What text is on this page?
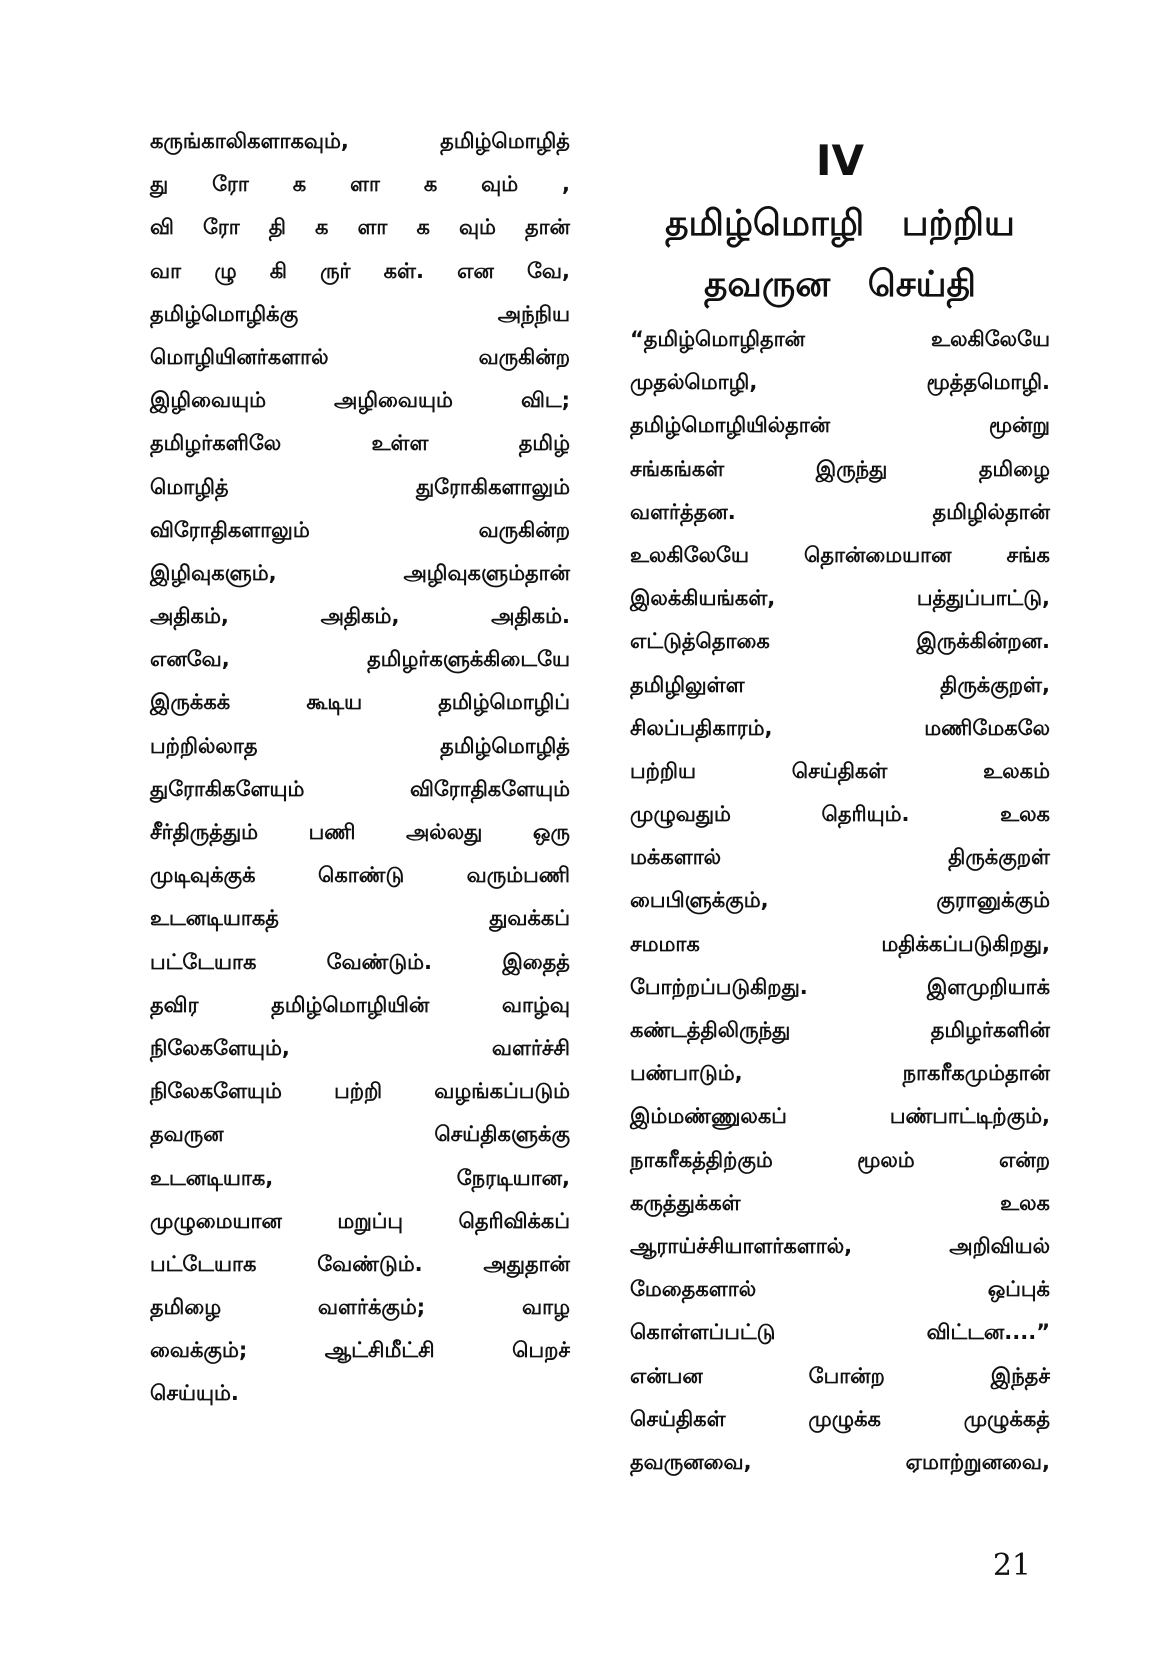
கருங்காலிகளாகவும்,	தமிழ்மொழித்
து ரோ க ளா க வும் ,
வி ரோ தி க ளா க வும் தான்
வா ழு கி ருர் கள். என வே,
தமிழ்மொழிக்கு	அந்நிய
மொழியினர்களால்	வருகின்ற
இழிவையும்	அழிவையும்	விட;
தமிழர்களிலே	உள்ள	தமிழ்
மொழித்	துரோகிகளாலும்
விரோதிகளாலும்	வருகின்ற
இழிவுகளும்,	அழிவுகளும்தான்
அதிகம்,	அதிகம்,	அதிகம்.
எனவே,	தமிழர்களுக்கிடையே
இருக்கக்	கூடிய	தமிழ்மொழிப்
பற்றில்லாத	தமிழ்மொழித்
துரோகிகளேயும்	விரோதிகளேயும்
சீர்திருத்தும் பணி அல்லது ஒரு
முடிவுக்குக்	கொண்டு	வரும்பணி
உடனடியாகத்	துவக்கப்
பட்டேயாக	வேண்டும்.	இதைத்
தவிர	தமிழ்மொழியின்	வாழ்வு
நிலேகளேயும்,	வளர்ச்சி
நிலேகளேயும் பற்றி வழங்கப்படும்
தவருன	செய்திகளுக்கு
உடனடியாக,	நேரடியான,
முழுமையான	மறுப்பு	தெரிவிக்கப்
பட்டேயாக	வேண்டும்.	அதுதான்
தமிழை	வளர்க்கும்;	வாழ
வைக்கும்;	ஆட்சிமீட்சி	பெறச்
செய்யும்.
IV
தமிழ்மொழி   பற்றிய
தவருன   செய்தி
“தமிழ்மொழிதான்	உலகிலேயே
முதல்மொழி,	மூத்தமொழி.
தமிழ்மொழியில்தான்	மூன்று
சங்கங்கள்	இருந்து	தமிழை
வளர்த்தன.	தமிழில்தான்
உலகிலேயே	தொன்மையான	சங்க
இலக்கியங்கள்,	பத்துப்பாட்டு,
எட்டுத்தொகை	இருக்கின்றன.
தமிழிலுள்ள	திருக்குறள்,
சிலப்பதிகாரம்,	மணிமேகலே
பற்றிய	செய்திகள்	உலகம்
முழுவதும்	தெரியும்.	உலக
மக்களால்	திருக்குறள்
பைபிளுக்கும்,	குரானுக்கும்
சமமாக	மதிக்கப்படுகிறது,
போற்றப்படுகிறது.	இளமுறியாக்
கண்டத்திலிருந்து	தமிழர்களின்
பண்பாடும்,	நாகரீகமும்தான்
இம்மண்ணுலகப்	பண்பாட்டிற்கும்,
நாகரீகத்திற்கும்	மூலம்	என்ற
கருத்துக்கள்	உலக
ஆராய்ச்சியாளர்களால்,	அறிவியல்
மேதைகளால்	ஒப்புக்
கொள்ளப்பட்டு	விட்டன....”
என்பன	போன்ற	இந்தச்
செய்திகள்	முழுக்க	முழுக்கத்
தவருனவை,	ஏமாற்றுனவை,
21
